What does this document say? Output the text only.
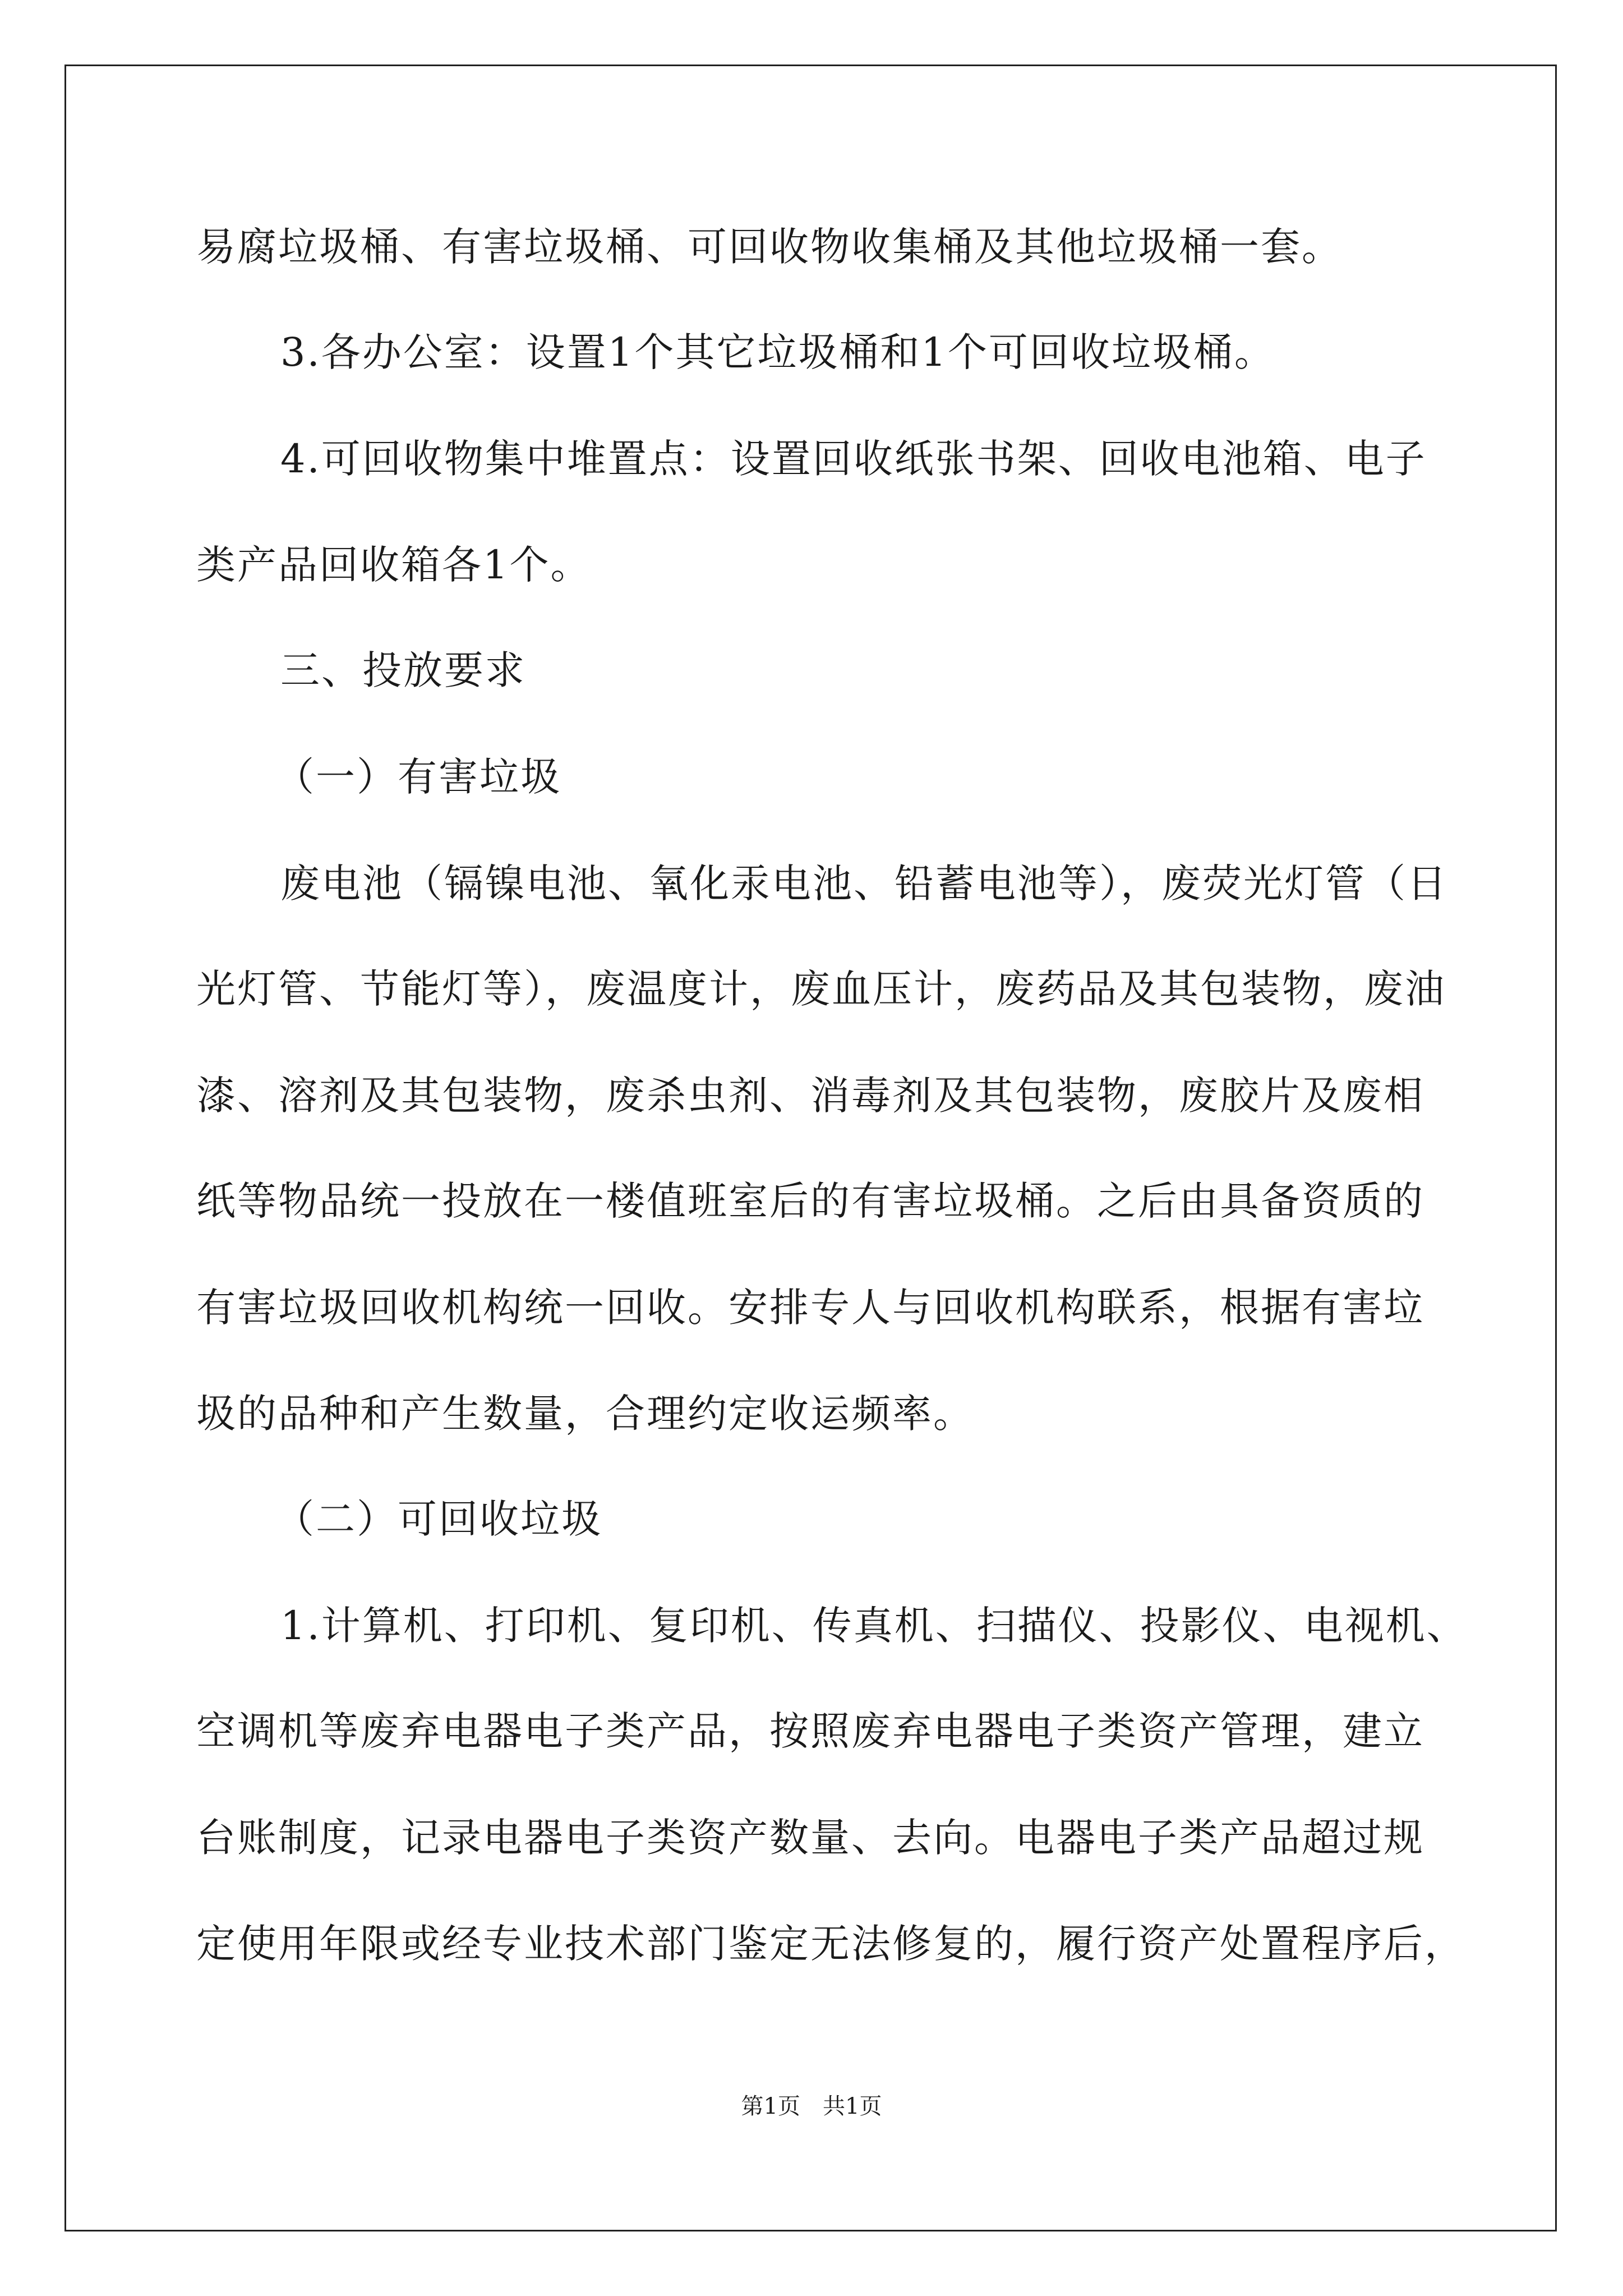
易腐垃圾桶、有害垃圾桶、可回收物收集桶及其他垃圾桶一套。
3.各办公室：设置1个其它垃圾桶和1个可回收垃圾桶。
4.可回收物集中堆置点：设置回收纸张书架、回收电池箱、电子
类产品回收箱各1个。
三、投放要求
（一）有害垃圾
废电池（镉镍电池、氧化汞电池、铅蓄电池等），废荧光灯管（日
光灯管、节能灯等），废温度计，废血压计，废药品及其包装物，废油
漆、溶剂及其包装物，废杀虫剂、消毒剂及其包装物，废胶片及废相
纸等物品统一投放在一楼值班室后的有害垃圾桶。之后由具备资质的
有害垃圾回收机构统一回收。安排专人与回收机构联系，根据有害垃
圾的品种和产生数量，合理约定收运频率。
（二）可回收垃圾
1.计算机、打印机、复印机、传真机、扫描仪、投影仪、电视机、
空调机等废弃电器电子类产品，按照废弃电器电子类资产管理，建立
台账制度，记录电器电子类资产数量、去向。电器电子类产品超过规
定使用年限或经专业技术部门鉴定无法修复的，履行资产处置程序后，
第1页　共1页
